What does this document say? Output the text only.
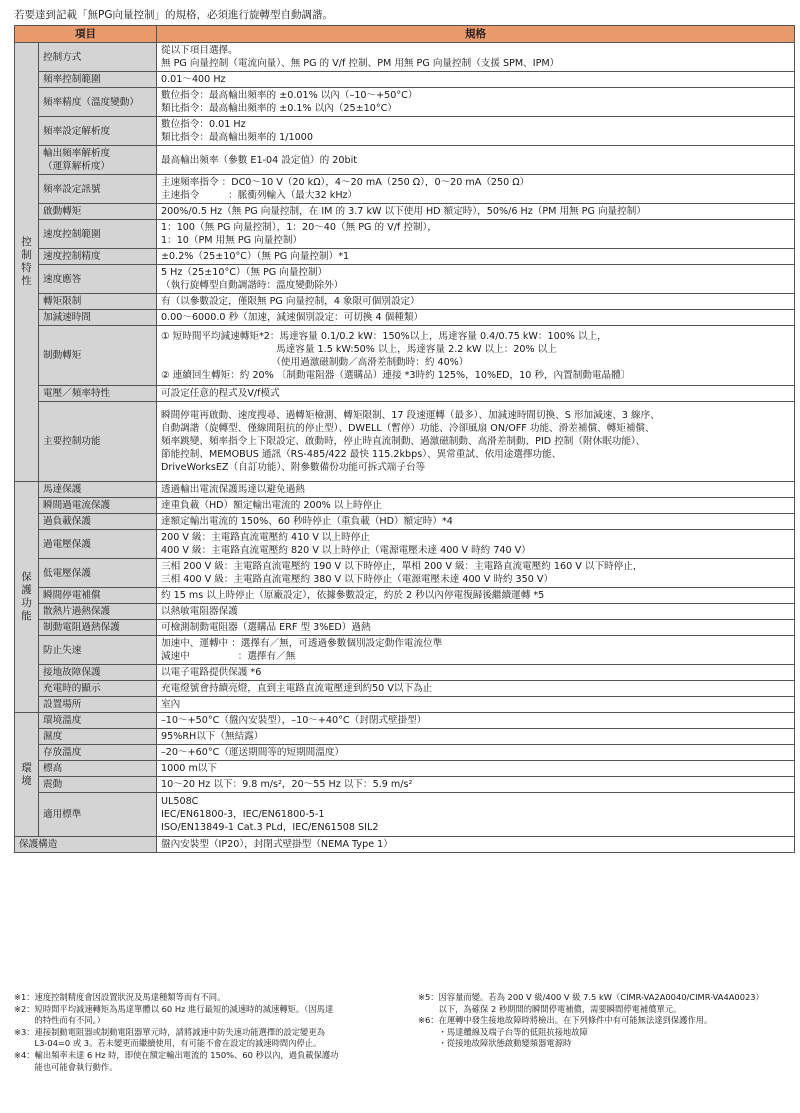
若要達到記載「無PG向量控制」的規格，必須進行旋轉型自動調諧。
項目		規格
控制特性	控制方式	從以下項目選擇。
無 PG 向量控制（電流向量）、無 PG 的 V/f 控制、PM 用無 PG 向量控制（支援 SPM、IPM）

	頻率控制範圍	0.01～400 Hz

	頻率精度（溫度變動）	數位指令：最高輸出頻率的 ±0.01% 以內（–10～+50°C）
類比指令：最高輸出頻率的 ±0.1% 以內（25±10°C）

	頻率設定解析度	數位指令：0.01 Hz
類比指令：最高輸出頻率的 1/1000

	輸出頻率解析度
（運算解析度）	最高輸出頻率（參數 E1-04 設定值）的 20bit

	頻率設定訊號	主速頻率指令 ：DC0～10 V（20 kΩ），4～20 mA（250 Ω），0～20 mA（250 Ω）
主速指令　　　：脈衝列輸入（最大32 kHz）

	啟動轉矩	200%/0.5 Hz（無 PG 向量控制，在 IM 的 3.7 kW 以下使用 HD 額定時），50%/6 Hz（PM 用無 PG 向量控制）

	速度控制範圍	1：100（無 PG 向量控制），1：20～40（無 PG 的 V/f 控制），
1：10（PM 用無 PG 向量控制）

	速度控制精度	±0.2%（25±10°C）（無 PG 向量控制）*1

	速度應答	5 Hz（25±10°C）（無 PG 向量控制）
（執行旋轉型自動調諧時：溫度變動除外）

	轉矩限制	有（以參數設定，僅限無 PG 向量控制，4 象限可個別設定）

	加減速時間	0.00～6000.0 秒（加速，減速個別設定：可切換 4 個種類）

	制動轉矩	① 短時間平均減速轉矩*2：馬達容量 0.1/0.2 kW：150%以上，馬達容量 0.4/0.75 kW：100% 以上，
　　　　　　　　　　　　馬達容量 1.5 kW:50% 以上，馬達容量 2.2 kW 以上：20% 以上
　　　　　　　　　　　　（使用過激磁制動／高滑差制動時：約 40%）
② 連續回生轉矩：約 20% 〔制動電阻器（選購品）連接 *3時約 125%，10%ED，10 秒，內置制動電晶體〕

	電壓／頻率特性	可設定任意的程式及V/f模式

	主要控制功能	瞬間停電再啟動、速度搜尋、過轉矩檢測、轉矩限制、17 段速運轉（最多）、加減速時間切換、S 形加減速、3 線序、
自動調諧（旋轉型、僅線間阻抗的停止型）、DWELL（暫停）功能、冷卻風扇 ON/OFF 功能、滑差補償、轉矩補償、
頻率跳變、頻率指令上下限設定、啟動時，停止時直流制動、過激磁制動、高滑差制動、PID 控制（附休眠功能）、
節能控制、MEMOBUS 通訊（RS-485/422 最快 115.2kbps）、異常重試、依用途選擇功能、
DriveWorksEZ（自訂功能）、附參數備份功能可拆式端子台等

保護功能	馬達保護	透過輸出電流保護馬達以避免過熱

	瞬間過電流保護	達重負載（HD）額定輸出電流的 200% 以上時停止

	過負載保護	達額定輸出電流的 150%、60 秒時停止（重負載（HD）額定時）*4

	過電壓保護	200 V 級：主電路直流電壓約 410 V 以上時停止
400 V 級：主電路直流電壓約 820 V 以上時停止（電源電壓未達 400 V 時約 740 V）

	低電壓保護	三相 200 V 級：主電路直流電壓約 190 V 以下時停止，單相 200 V 級：主電路直流電壓約 160 V 以下時停止，
三相 400 V 級：主電路直流電壓約 380 V 以下時停止（電源電壓未達 400 V 時約 350 V）

	瞬間停電補償	約 15 ms 以上時停止（原廠設定），依據參數設定，約於 2 秒以內停電復歸後繼續運轉 *5

	散熱片過熱保護	以熱敏電阻器保護

	制動電阻過熱保護	可檢測制動電阻器（選購品 ERF 型 3%ED）過熱

	防止失速	加速中、運轉中 ：選擇有／無，可透過參數個別設定動作電流位準
減速中　　　　　：選擇有／無

	接地故障保護	以電子電路提供保護 *6

	充電時的顯示	充電燈號會持續亮燈，直到主電路直流電壓達到約50 V以下為止

	設置場所	室內

環境	環境溫度	–10～+50°C（盤內安裝型），–10～+40°C（封閉式壁掛型）

	濕度	95%RH以下（無結露）

	存放溫度	–20～+60°C（運送期間等的短期間溫度）

	標高	1000 m以下

	震動	10～20 Hz 以下：9.8 m/s²，20～55 Hz 以下：5.9 m/s²

	適用標準	UL508C
IEC/EN61800-3，IEC/EN61800-5-1
ISO/EN13849-1 Cat.3 PLd，IEC/EN61508 SIL2

保護構造		盤內安裝型（IP20），封閉式壁掛型（NEMA Type 1）
※1： 速度控制精度會因設置狀況及馬達種類等而有不同。
※2： 短時間平均減速轉矩為馬達單體以 60 Hz 進行最短的減速時的減速轉矩。（因馬達
的特性而有不同。）
※3： 連接制動電阻器或制動電阻器單元時，請將減速中防失速功能選擇的設定變更為
L3-04=0 或 3。若未變更而繼續使用，有可能不會在設定的減速時間內停止。
※4： 輸出頻率未達 6 Hz 時，即使在額定輸出電流的 150%、60 秒以內，過負載保護功
能也可能會執行動作。
※5： 因容量而變。若為 200 V 級/400 V 級 7.5 kW（CIMR-VA2A0040/CIMR-VA4A0023）
以下，為確保 2 秒期間的瞬間停電補償，需要瞬間停電補償單元。
※6： 在運轉中發生接地故障時將檢出。在下列條件中有可能無法達到保護作用。
・馬達纜線及端子台等的低阻抗接地故障
・從接地故障狀態啟動變頻器電源時
